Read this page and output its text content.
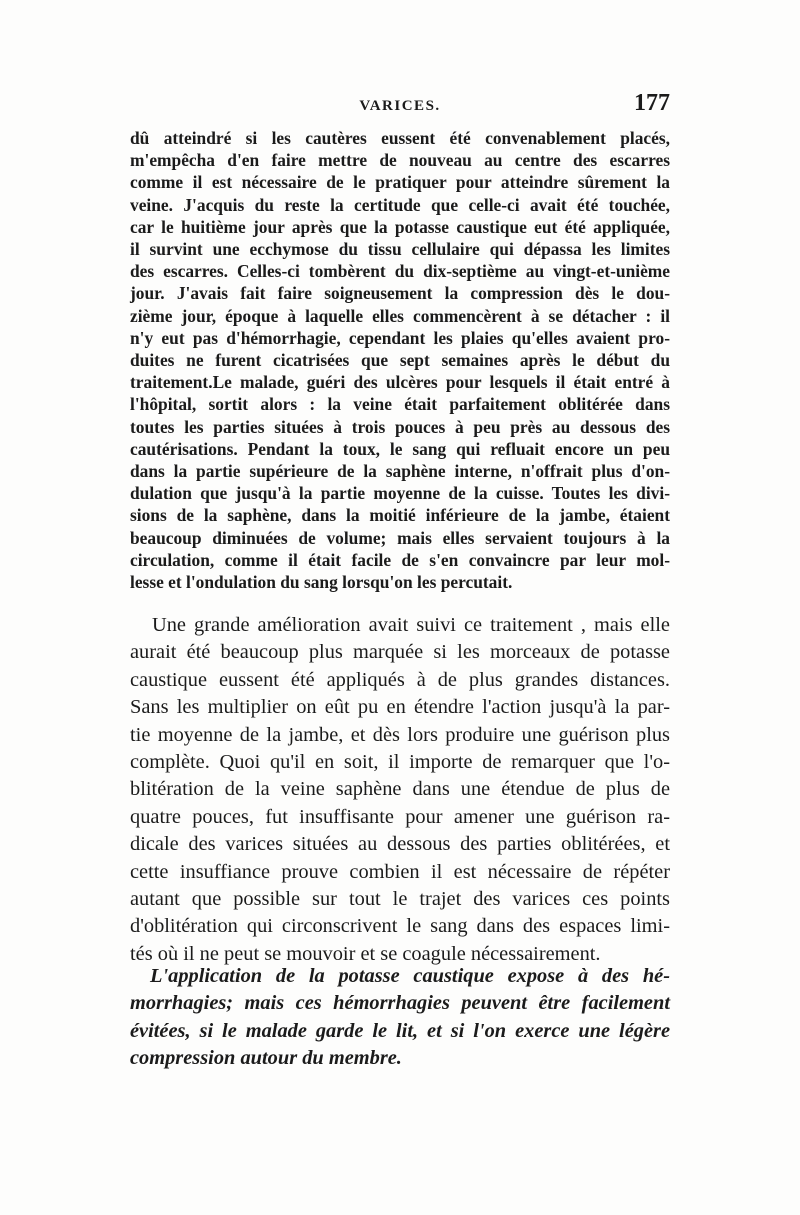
VARICES.	177
dû atteindré si les cautères eussent été convenablement placés,
m'empêcha d'en faire mettre de nouveau au centre des escarres
comme il est nécessaire de le pratiquer pour atteindre sûrement la
veine. J'acquis du reste la certitude que celle-ci avait été touchée,
car le huitième jour après que la potasse caustique eut été appliquée,
il survint une ecchymose du tissu cellulaire qui dépassa les limites
des escarres. Celles-ci tombèrent du dix-septième au vingt-et-unième
jour. J'avais fait faire soigneusement la compression dès le dou-
zième jour, époque à laquelle elles commencèrent à se détacher : il
n'y eut pas d'hémorrhagie, cependant les plaies qu'elles avaient pro-
duites ne furent cicatrisées que sept semaines après le début du
traitement.Le malade, guéri des ulcères pour lesquels il était entré à
l'hôpital, sortit alors : la veine était parfaitement oblitérée dans
toutes les parties situées à trois pouces à peu près au dessous des
cautérisations. Pendant la toux, le sang qui refluait encore un peu
dans la partie supérieure de la saphène interne, n'offrait plus d'on-
dulation que jusqu'à la partie moyenne de la cuisse. Toutes les divi-
sions de la saphène, dans la moitié inférieure de la jambe, étaient
beaucoup diminuées de volume; mais elles servaient toujours à la
circulation, comme il était facile de s'en convaincre par leur mol-
lesse et l'ondulation du sang lorsqu'on les percutait.
Une grande amélioration avait suivi ce traitement , mais elle
aurait été beaucoup plus marquée si les morceaux de potasse
caustique eussent été appliqués à de plus grandes distances.
Sans les multiplier on eût pu en étendre l'action jusqu'à la par-
tie moyenne de la jambe, et dès lors produire une guérison plus
complète. Quoi qu'il en soit, il importe de remarquer que l'o-
blitération de la veine saphène dans une étendue de plus de
quatre pouces, fut insuffisante pour amener une guérison ra-
dicale des varices situées au dessous des parties oblitérées, et
cette insuffiance prouve combien il est nécessaire de répéter
autant que possible sur tout le trajet des varices ces points
d'oblitération qui circonscrivent le sang dans des espaces limi-
tés où il ne peut se mouvoir et se coagule nécessairement.
L'application de la potasse caustique expose à des hé-
morrhagies; mais ces hémorrhagies peuvent être facilement
évitées, si le malade garde le lit, et si l'on exerce une légère
compression autour du membre.
